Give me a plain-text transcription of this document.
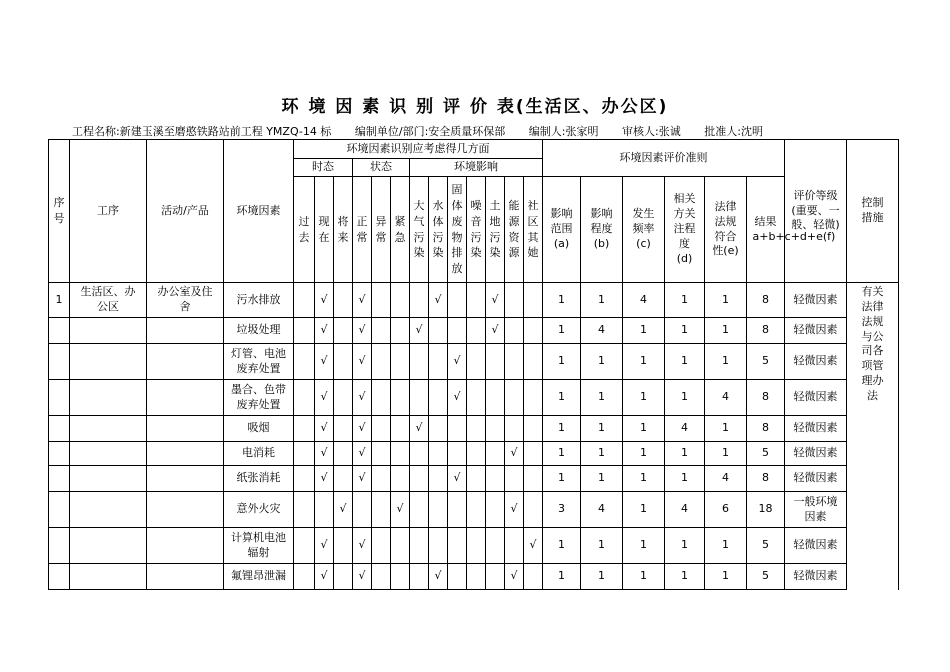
环 境 因 素 识 别 评 价 表(生活区、办公区)
工程名称:新建玉溪至磨憨铁路站前工程 YMZQ-14 标 编制单位/部门:安全质量环保部 编制人:张家明 审核人:张诚 批准人:沈明
序号	工序	活动/产品	环境因素	环境因素识别应考虑得几方面													环境因素评价准则						评价等级(重要、一般、轻微)	控制措施

				时态			状态			环境影响														

				过去	现在	将来	正常	异常	紧急	大气污染	水体污染	固体废物排放	噪音污染	土地污染	能源资源	社区其她	影响范围(a)	影响程度(b)	发生频率(c)	相关方关注程度(d)	法律法规符合性(e)	结果a+b+c+d+e(f)		

1	生活区、办公区	办公室及住舍	污水排放		√		√				√			√			1	1	4	1	1	8	轻微因素	有关法律法规与公司各项管理办法

			垃圾处理		√		√			√				√			1	4	1	1	1	8	轻微因素	

			灯管、电池废弃处置		√		√					√					1	1	1	1	1	5	轻微因素	

			墨合、色带废弃处置		√		√					√					1	1	1	1	4	8	轻微因素	

			吸烟		√		√			√							1	1	1	4	1	8	轻微因素	

			电消耗		√		√								√		1	1	1	1	1	5	轻微因素	

			纸张消耗		√		√					√					1	1	1	1	4	8	轻微因素	

			意外火灾			√			√						√		3	4	1	4	6	18	一般环境因素	

			计算机电池辐射		√		√									√	1	1	1	1	1	5	轻微因素	

			氟锂昂泄漏		√		√				√				√		1	1	1	1	1	5	轻微因素	
